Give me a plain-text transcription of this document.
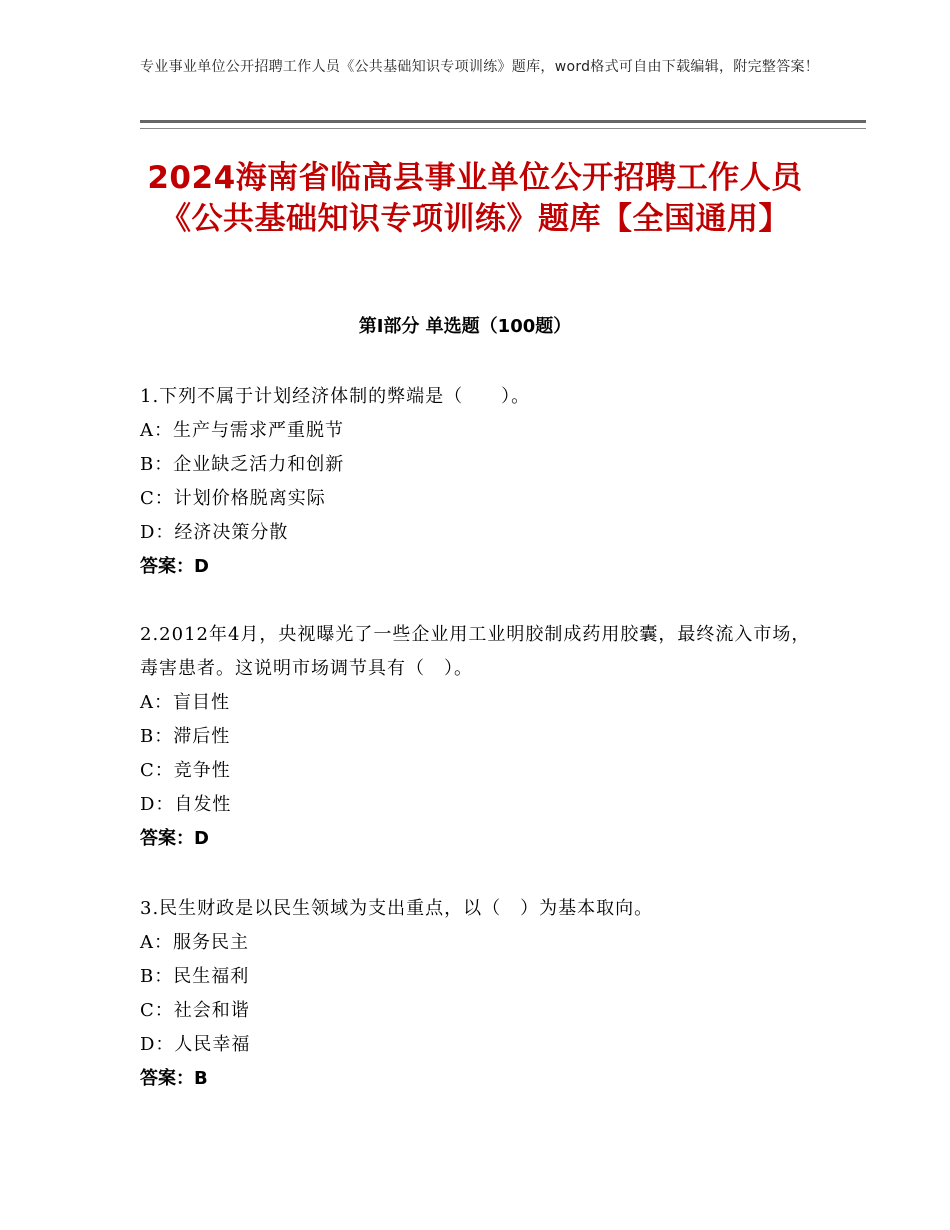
专业事业单位公开招聘工作人员《公共基础知识专项训练》题库，word格式可自由下载编辑，附完整答案！
2024海南省临高县事业单位公开招聘工作人员《公共基础知识专项训练》题库【全国通用】
第Ⅰ部分 单选题（100题）
1.下列不属于计划经济体制的弊端是（　　）。
A：生产与需求严重脱节
B：企业缺乏活力和创新
C：计划价格脱离实际
D：经济决策分散
答案：D
2.2012年4月，央视曝光了一些企业用工业明胶制成药用胶囊，最终流入市场，毒害患者。这说明市场调节具有（　）。
A：盲目性
B：滞后性
C：竞争性
D：自发性
答案：D
3.民生财政是以民生领域为支出重点，以（　）为基本取向。
A：服务民主
B：民生福利
C：社会和谐
D：人民幸福
答案：B
